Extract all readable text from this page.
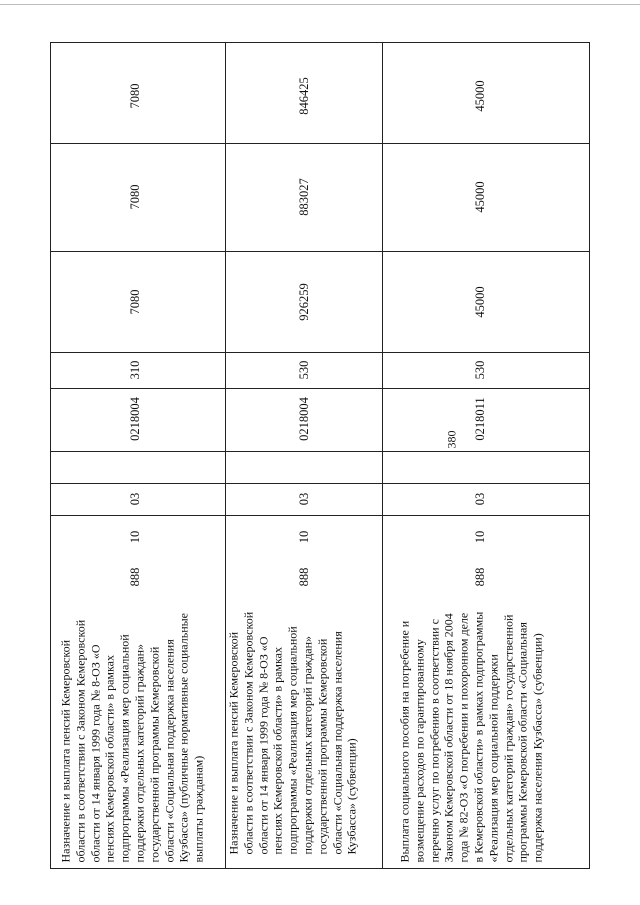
380
7080
7080
7080
310
0218004
03
10
888
Назначение и выплата пенсий Кемеровской
области в соответствии с Законом Кемеровской
области от 14 января 1999 года № 8-ОЗ «О
пенсиях Кемеровской области» в рамках
подпрограммы «Реализация мер социальной
поддержки отдельных категорий граждан»
государственной программы Кемеровской
области «Социальная поддержка населения
Кузбасса» (публичные нормативные социальные
выплаты гражданам)
846425
883027
926259
530
0218004
03
10
888
Назначение и выплата пенсий Кемеровской
области в соответствии с Законом Кемеровской
области от 14 января 1999 года № 8-ОЗ «О
пенсиях Кемеровской области» в рамках
подпрограммы «Реализация мер социальной
поддержки отдельных категорий граждан»
государственной программы Кемеровской
области «Социальная поддержка населения
Кузбасса» (субвенции)
45000
45000
45000
530
0218011
03
10
888
Выплата социального пособия на погребение и
возмещение расходов по гарантированному
перечню услуг по погребению в соответствии с
Законом Кемеровской области от 18 ноября 2004
года № 82-ОЗ «О погребении и похоронном деле
в Кемеровской области» в рамках подпрограммы
«Реализация мер социальной поддержки
отдельных категорий граждан» государственной
программы Кемеровской области «Социальная
поддержка населения Кузбасса» (субвенции)
